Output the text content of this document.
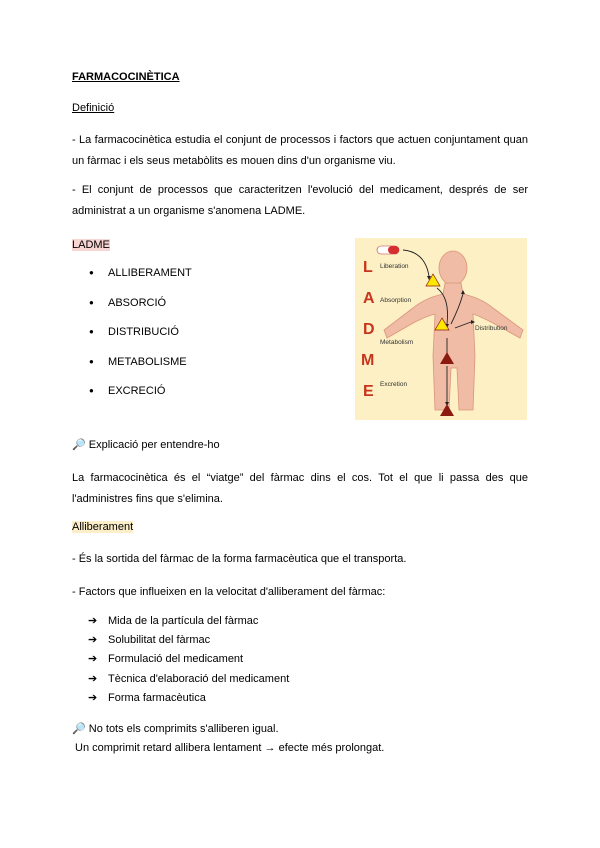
FARMACOCINÈTICA

Definició

- La farmacocinètica estudia el conjunt de processos i factors que actuen conjuntament quan un fàrmac i els seus metabòlits es mouen dins d'un organisme viu.

- El conjunt de processos que caracteritzen l'evolució del medicament, després de ser administrat a un organisme s'anomena LADME.

LADME

● ALLIBERAMENT
● ABSORCIÓ
● DISTRIBUCIÓ
● METABOLISME
● EXCRECIÓ
L
A
D
M
E
Liberation
Absorption
Distribution
Metabolism
Excretion

🔎 Explicació per entendre-ho

La farmacocinètica és el “viatge” del fàrmac dins el cos. Tot el que li passa des que l'administres fins que s'elimina.

Alliberament

- És la sortida del fàrmac de la forma farmacèutica que el transporta.

- Factors que influeixen en la velocitat d'alliberament del fàrmac:

➔ Mida de la partícula del fàrmac
➔ Solubilitat del fàrmac
➔ Formulació del medicament
➔ Tècnica d'elaboració del medicament
➔ Forma farmacèutica

🔎 No tots els comprimits s'alliberen igual.

Un comprimit retard allibera lentament → efecte més prolongat.
